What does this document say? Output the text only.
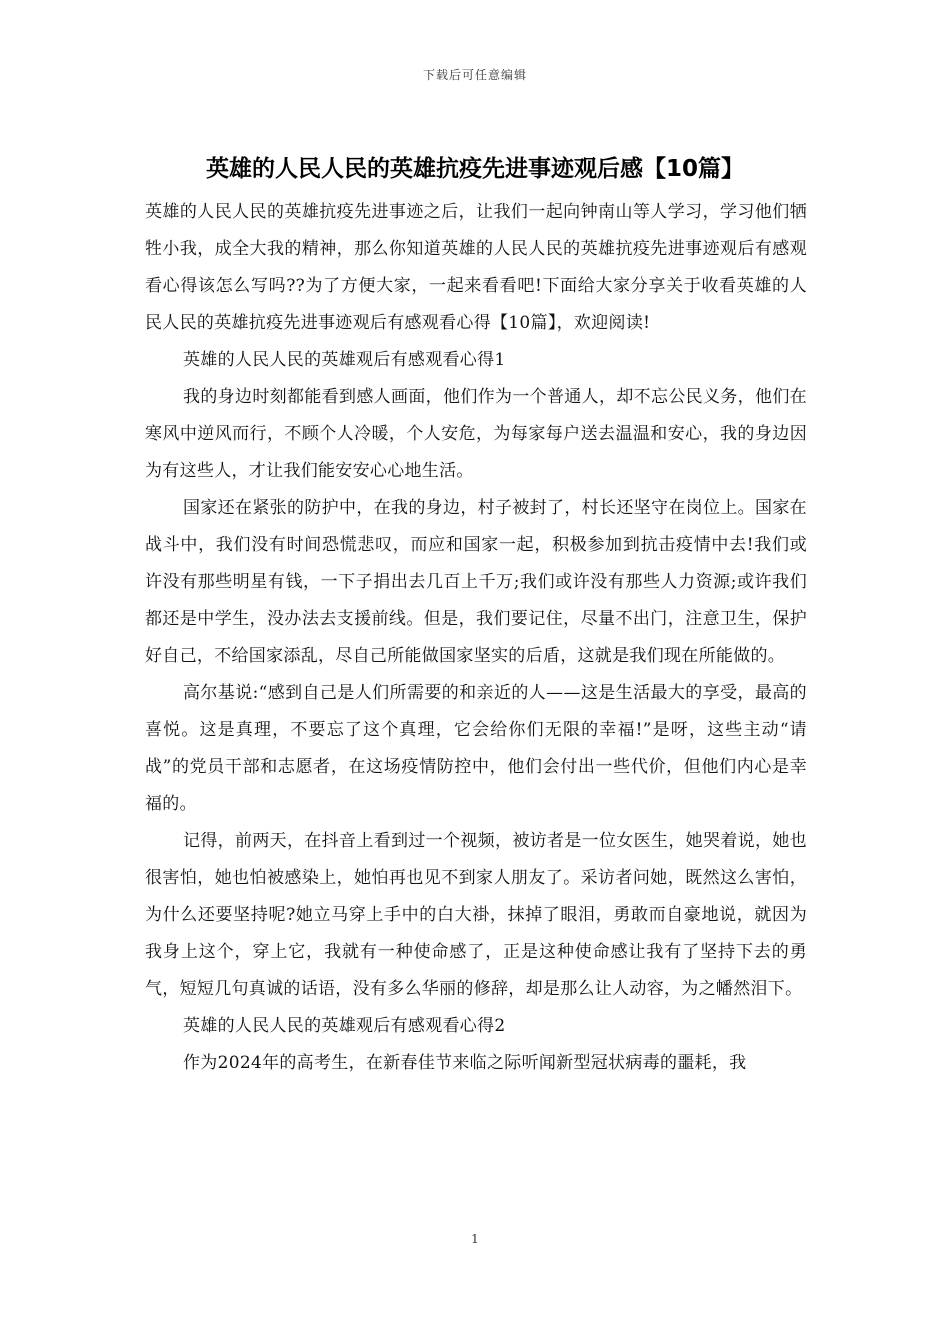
下载后可任意编辑
英雄的人民人民的英雄抗疫先进事迹观后感【10篇】

英雄的人民人民的英雄抗疫先进事迹之后，让我们一起向钟南山等人学习，学习他们牺牲小我，成全大我的精神，那么你知道英雄的人民人民的英雄抗疫先进事迹观后有感观看心得该怎么写吗??为了方便大家，一起来看看吧!下面给大家分享关于收看英雄的人民人民的英雄抗疫先进事迹观后有感观看心得【10篇】，欢迎阅读!

英雄的人民人民的英雄观后有感观看心得1

我的身边时刻都能看到感人画面，他们作为一个普通人，却不忘公民义务，他们在寒风中逆风而行，不顾个人冷暖，个人安危，为每家每户送去温温和安心，我的身边因为有这些人，才让我们能安安心心地生活。

国家还在紧张的防护中，在我的身边，村子被封了，村长还坚守在岗位上。国家在战斗中，我们没有时间恐慌悲叹，而应和国家一起，积极参加到抗击疫情中去!我们或许没有那些明星有钱，一下子捐出去几百上千万;我们或许没有那些人力资源;或许我们都还是中学生，没办法去支援前线。但是，我们要记住，尽量不出门，注意卫生，保护好自己，不给国家添乱，尽自己所能做国家坚实的后盾，这就是我们现在所能做的。

高尔基说:“感到自己是人们所需要的和亲近的人——这是生活最大的享受，最高的喜悦。这是真理，不要忘了这个真理，它会给你们无限的幸福!”是呀，这些主动“请战”的党员干部和志愿者，在这场疫情防控中，他们会付出一些代价，但他们内心是幸福的。

记得，前两天，在抖音上看到过一个视频，被访者是一位女医生，她哭着说，她也很害怕，她也怕被感染上，她怕再也见不到家人朋友了。采访者问她，既然这么害怕，为什么还要坚持呢?她立马穿上手中的白大褂，抹掉了眼泪，勇敢而自豪地说，就因为我身上这个，穿上它，我就有一种使命感了，正是这种使命感让我有了坚持下去的勇气，短短几句真诚的话语，没有多么华丽的修辞，却是那么让人动容，为之幡然泪下。

英雄的人民人民的英雄观后有感观看心得2

作为2024年的高考生，在新春佳节来临之际听闻新型冠状病毒的噩耗，我

1
